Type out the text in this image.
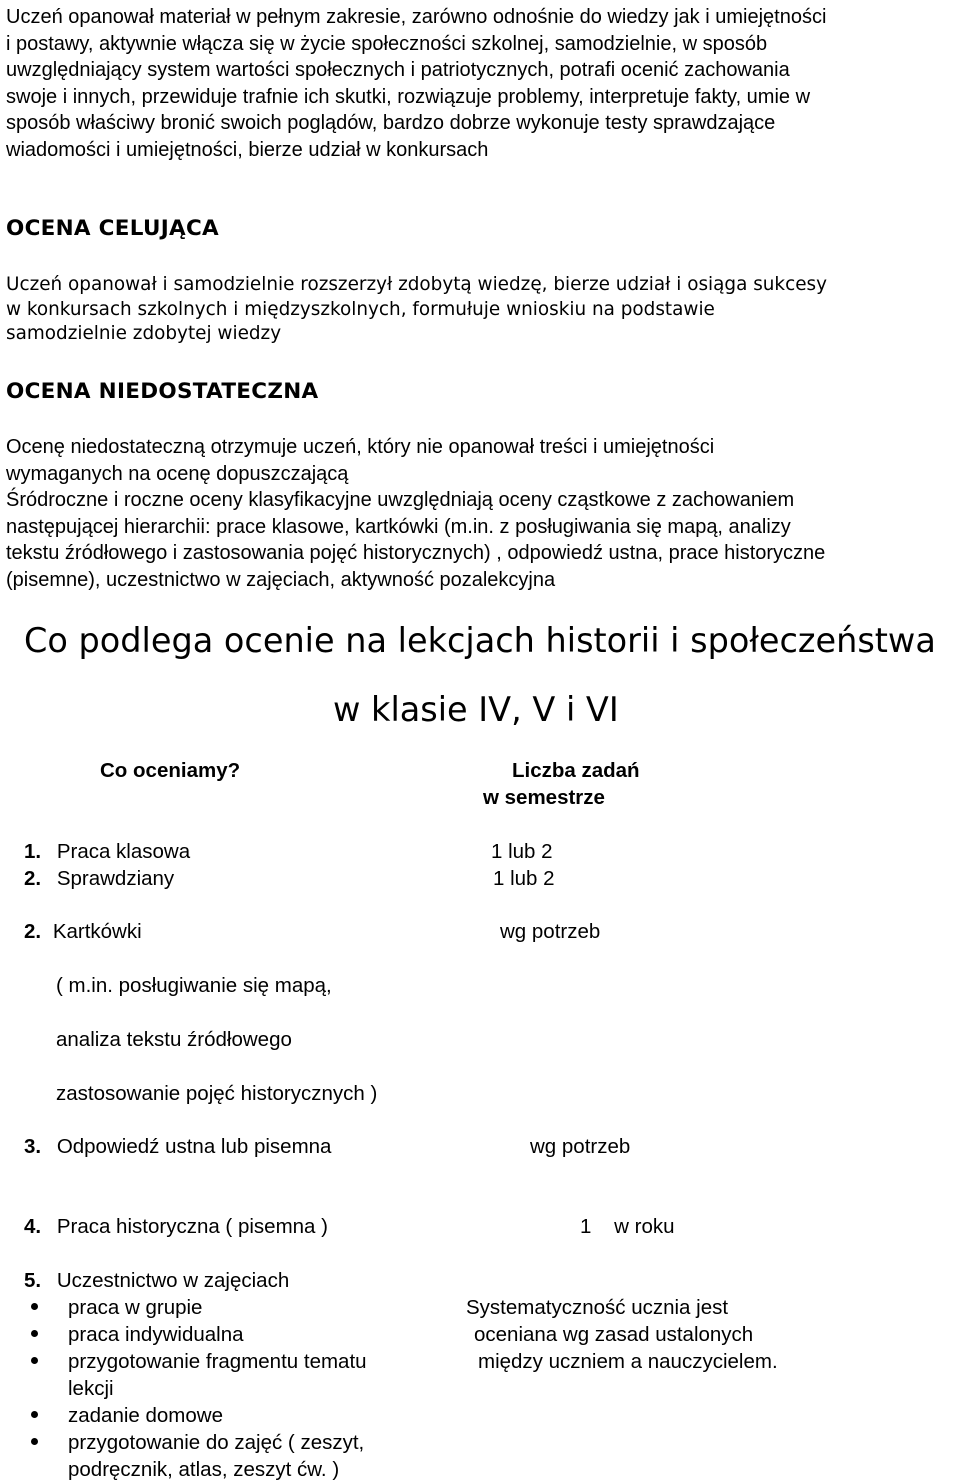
Uczeń opanował materiał w pełnym zakresie, zarówno odnośnie do wiedzy jak i umiejętności
i postawy, aktywnie włącza się w życie społeczności szkolnej, samodzielnie, w sposób
uwzględniający system wartości społecznych i patriotycznych, potrafi ocenić zachowania
swoje i innych, przewiduje trafnie ich skutki, rozwiązuje problemy, interpretuje fakty, umie w
sposób właściwy bronić swoich poglądów, bardzo dobrze wykonuje testy sprawdzające
wiadomości i umiejętności, bierze udział w konkursach
OCENA CELUJĄCA
Uczeń opanował i samodzielnie rozszerzył zdobytą wiedzę, bierze udział i osiąga sukcesy
w konkursach szkolnych i międzyszkolnych, formułuje wnioskiu na podstawie
samodzielnie zdobytej wiedzy
OCENA NIEDOSTATECZNA
Ocenę niedostateczną otrzymuje uczeń, który nie opanował treści i umiejętności
wymaganych na ocenę dopuszczającą
Śródroczne i roczne oceny klasyfikacyjne uwzględniają oceny cząstkowe z zachowaniem
następującej hierarchii: prace klasowe, kartkówki (m.in. z posługiwania się mapą, analizy
tekstu źródłowego i zastosowania pojęć historycznych) , odpowiedź ustna, prace historyczne
(pisemne), uczestnictwo w zajęciach, aktywność pozalekcyjna
Co podlega ocenie na lekcjach historii i społeczeństwa
w klasie IV, V i VI
Co oceniamy?	Liczba zadań
w semestrze
1. Praca klasowa	1 lub 2
2. Sprawdziany	1 lub 2
2. Kartkówki	wg potrzeb
( m.in. posługiwanie się mapą,
analiza tekstu źródłowego
zastosowanie pojęć historycznych )
3. Odpowiedź ustna lub pisemna	wg potrzeb
4. Praca historyczna ( pisemna )	1    w roku
5. Uczestnictwo w zajęciach
praca w grupie
praca indywidualna
przygotowanie fragmentu tematu
lekcji
zadanie domowe
przygotowanie do zajęć ( zeszyt,
podręcznik, atlas, zeszyt ćw. )
Systematyczność ucznia jest
oceniana wg zasad ustalonych
między uczniem a nauczycielem.
